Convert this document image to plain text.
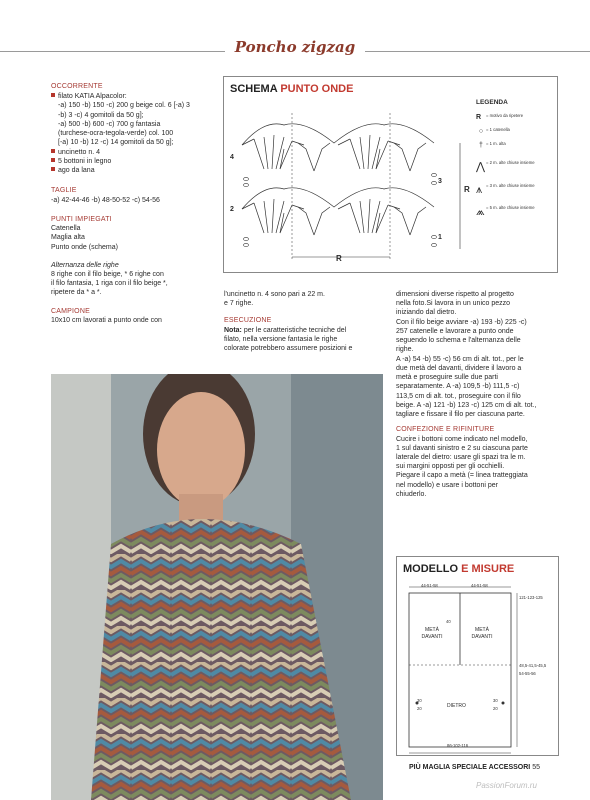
Poncho zigzag
OCCORRENTE
filato KATIA Alpacolor:
-a) 150 -b) 150 -c) 200 g beige col. 6 [-a) 3
-b) 3 -c) 4 gomitoli da 50 g];
-a) 500 -b) 600 -c) 700 g fantasia
(turchese-ocra-tegola-verde) col. 100
[-a) 10 -b) 12 -c) 14 gomitoli da 50 g];
uncinetto n. 4
5 bottoni in legno
ago da lana
TAGLIE
-a) 42-44-46 -b) 48-50-52 -c) 54-56
PUNTI IMPIEGATI
Catenella
Maglia alta
Punto onde (schema)
Alternanza delle righe
8 righe con il filo beige, * 6 righe con
il filo fantasia, 1 riga con il filo beige *,
ripetere da * a *.
CAMPIONE
10x10 cm lavorati a punto onde con
l'uncinetto n. 4 sono pari a 22 m.
e 7 righe.
ESECUZIONE
Nota: per le caratteristiche tecniche del
filato, nella versione fantasia le righe
colorate potrebbero assumere posizioni e
dimensioni diverse rispetto al progetto
nella foto.Si lavora in un unico pezzo
iniziando dal dietro.
Con il filo beige avviare -a) 193 -b) 225 -c)
257 catenelle e lavorare a punto onde
seguendo lo schema e l'alternanza delle
righe.
A -a) 54 -b) 55 -c) 56 cm di alt. tot., per le
due metà del davanti, dividere il lavoro a
metà e proseguire sulle due parti
separatamente. A -a) 109,5 -b) 111,5 -c)
113,5 cm di alt. tot., proseguire con il filo
beige. A -a) 121 -b) 123 -c) 125 cm di alt. tot.,
tagliare e fissare il filo per ciascuna parte.
CONFEZIONE E RIFINITURE
Cucire i bottoni come indicato nel modello,
1 sul davanti sinistro e 2 su ciascuna parte
laterale del dietro: usare gli spazi tra le m.
sui margini opposti per gli occhielli.
Piegare il capo a metà (= linea tratteggiata
nel modello) e usare i bottoni per
chiuderlo.
SCHEMA PUNTO ONDE
4
3
2
1
R
R
LEGENDA
R	= motivo da ripetere
○ = 1 catenella
† = 1 m. alta
⋀ = 2 m. alte chiuse insieme
⩚ = 3 m. alte chiuse insieme
⩕ = 5 m. alte chiuse insieme
MODELLO E MISURE
44-51-58	44-51-58
121-123-125
48,5-41,5-45,5
54-55-56
86-102-116
40
30
20
30
20
METÀ
DAVANTI
METÀ
DAVANTI
DIETRO
PIÙ MAGLIA SPECIALE ACCESSORI 55
PassionForum.ru
